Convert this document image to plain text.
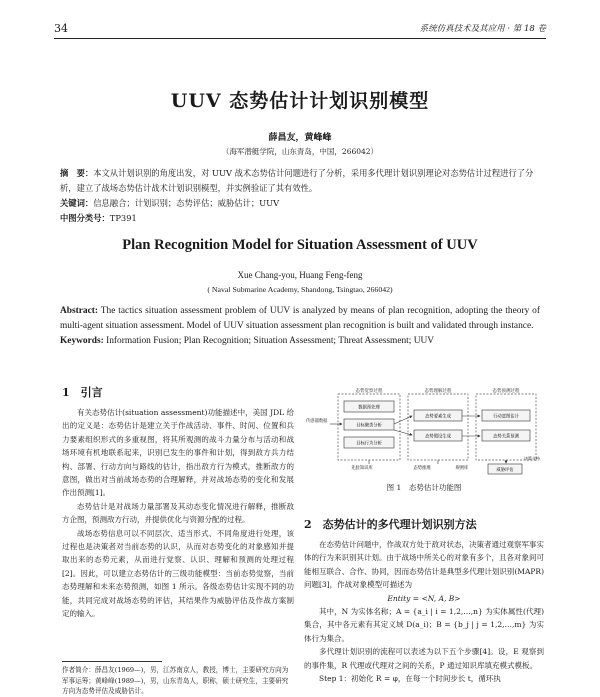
34	系统仿真技术及其应用 · 第 18 卷
UUV 态势估计计划识别模型
薛昌友，黄峰峰
（海军潜艇学院，山东青岛，中国，266042）
摘　要：本文从计划识别的角度出发，对 UUV 战术态势估计问题进行了分析，采用多代理计划识别理论对态势估计过程进行了分析，建立了战场态势估计战术计划识别模型，并实例验证了其有效性。
关键词：信息融合；计划识别；态势评估；威胁估计；UUV
中图分类号：TP391
Plan Recognition Model for Situation Assessment of UUV
Xue Chang-you, Huang Feng-feng
( Naval Submarine Academy, Shandong, Tsingtao, 266042)
Abstract: The tactics situation assessment problem of UUV is analyzed by means of plan recognition, adopting the theory of multi-agent situation assessment. Model of UUV situation assessment plan recognition is built and validated through instance.
Keywords: Information Fusion; Plan Recognition; Situation Assessment; Threat Assessment; UUV
1　引言

有关态势估计(situation assessment)功能描述中，美国 JDL 给出的定义是：态势估计是建立关于作战活动、事件、时间、位置和兵力要素组织形式的多重视图，将其所观测的战斗力量分布与活动和战场环境有机地联系起来，识别已发生的事件和计划，得到敌方兵力结构、部署、行动方向与路线的估计，指出敌方行为模式，推断敌方的意图，做出对当前战场态势的合理解释，并对战场态势的变化和发展作出预测[1]。

态势估计是对战场力量部署及其动态变化情况进行解释，推断敌方企图，预测敌方行动，并提供优化与资源分配的过程。

战场态势信息可以不同层次、适当形式、不同角度进行处理，该过程也是决策者对当前态势的认识，从而对态势变化的对象感知并提取出来的态势元素，从而进行觉察、认识、理解和预测的处理过程[2]。因此，可以建立态势估计的三级功能模型：当前态势觉察，当前态势理解和未来态势预测，如图 1 所示。各级态势估计实现不同的功能，共同完成对战场态势的评估，其结果作为威胁评估及作战方案制定的输入。

作者简介：薛昌友(1969—)，男，江苏南京人，教授，博士，主要研究方向为军事运筹；黄峰峰(1989—)，男，山东青岛人，职称，硕士研究生，主要研究方向为态势评估及威胁估计。
态势觉察过程	态势理解过程	态势预测过程
传感器数据
数据预处理
目标聚类分析
目标行为分析
态势要素生成
态势假设生成
行动意图估计
态势关系预测
先验知识库	态势推理	规则库	威胁评估
决策支持
图 1　态势估计功能图
2　态势估计的多代理计划识别方法

在态势估计问题中，作战双方处于敌对状态，决策者通过观察军事实体的行为来识别其计划。由于战场中所关心的对象有多个，且各对象间可能相互联合、合作、协同，因而态势估计是典型多代理计划识别(MAPR)问题[3]，作战对象模型可描述为

Entity = <N, A, B>

其中，N 为实体名称；A = {a_i | i = 1,2,…,n} 为实体属性(代理)集合，其中各元素有其定义域 D(a_i)；B = {b_j | j = 1,2,…,m} 为实体行为集合。

多代理计划识别的流程可以表述为以下五个步骤[4]。设，E 观察到的事件集，R 代理或代理对之间的关系，P 通过知识库填充模式模板。

Step 1：初始化 R = φ，在每一个时间步长 t，循环执
